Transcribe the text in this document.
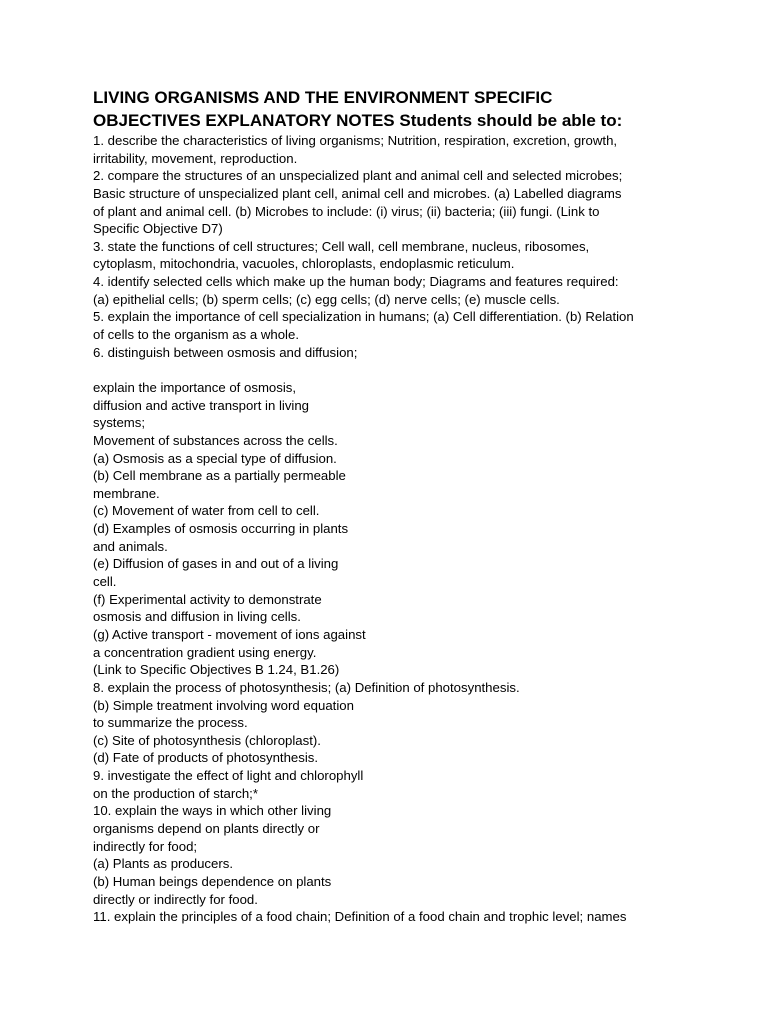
LIVING ORGANISMS AND THE ENVIRONMENT SPECIFIC
OBJECTIVES EXPLANATORY NOTES Students should be able to:
1. describe the characteristics of living organisms; Nutrition, respiration, excretion, growth,
irritability, movement, reproduction.
2. compare the structures of an unspecialized plant and animal cell and selected microbes;
Basic structure of unspecialized plant cell, animal cell and microbes. (a) Labelled diagrams
of plant and animal cell. (b) Microbes to include: (i) virus; (ii) bacteria; (iii) fungi. (Link to
Specific Objective D7)
3. state the functions of cell structures; Cell wall, cell membrane, nucleus, ribosomes,
cytoplasm, mitochondria, vacuoles, chloroplasts, endoplasmic reticulum.
4. identify selected cells which make up the human body; Diagrams and features required:
(a) epithelial cells; (b) sperm cells; (c) egg cells; (d) nerve cells; (e) muscle cells.
5. explain the importance of cell specialization in humans; (a) Cell differentiation. (b) Relation
of cells to the organism as a whole.
6. distinguish between osmosis and diffusion;
explain the importance of osmosis,
diffusion and active transport in living
systems;
Movement of substances across the cells.
(a) Osmosis as a special type of diffusion.
(b) Cell membrane as a partially permeable
membrane.
(c) Movement of water from cell to cell.
(d) Examples of osmosis occurring in plants
and animals.
(e) Diffusion of gases in and out of a living
cell.
(f) Experimental activity to demonstrate
osmosis and diffusion in living cells.
(g) Active transport - movement of ions against
a concentration gradient using energy.
(Link to Specific Objectives B 1.24, B1.26)
8. explain the process of photosynthesis; (a) Definition of photosynthesis.
(b) Simple treatment involving word equation
to summarize the process.
(c) Site of photosynthesis (chloroplast).
(d) Fate of products of photosynthesis.
9. investigate the effect of light and chlorophyll
on the production of starch;*
10. explain the ways in which other living
organisms depend on plants directly or
indirectly for food;
(a) Plants as producers.
(b) Human beings dependence on plants
directly or indirectly for food.
11. explain the principles of a food chain; Definition of a food chain and trophic level; names
